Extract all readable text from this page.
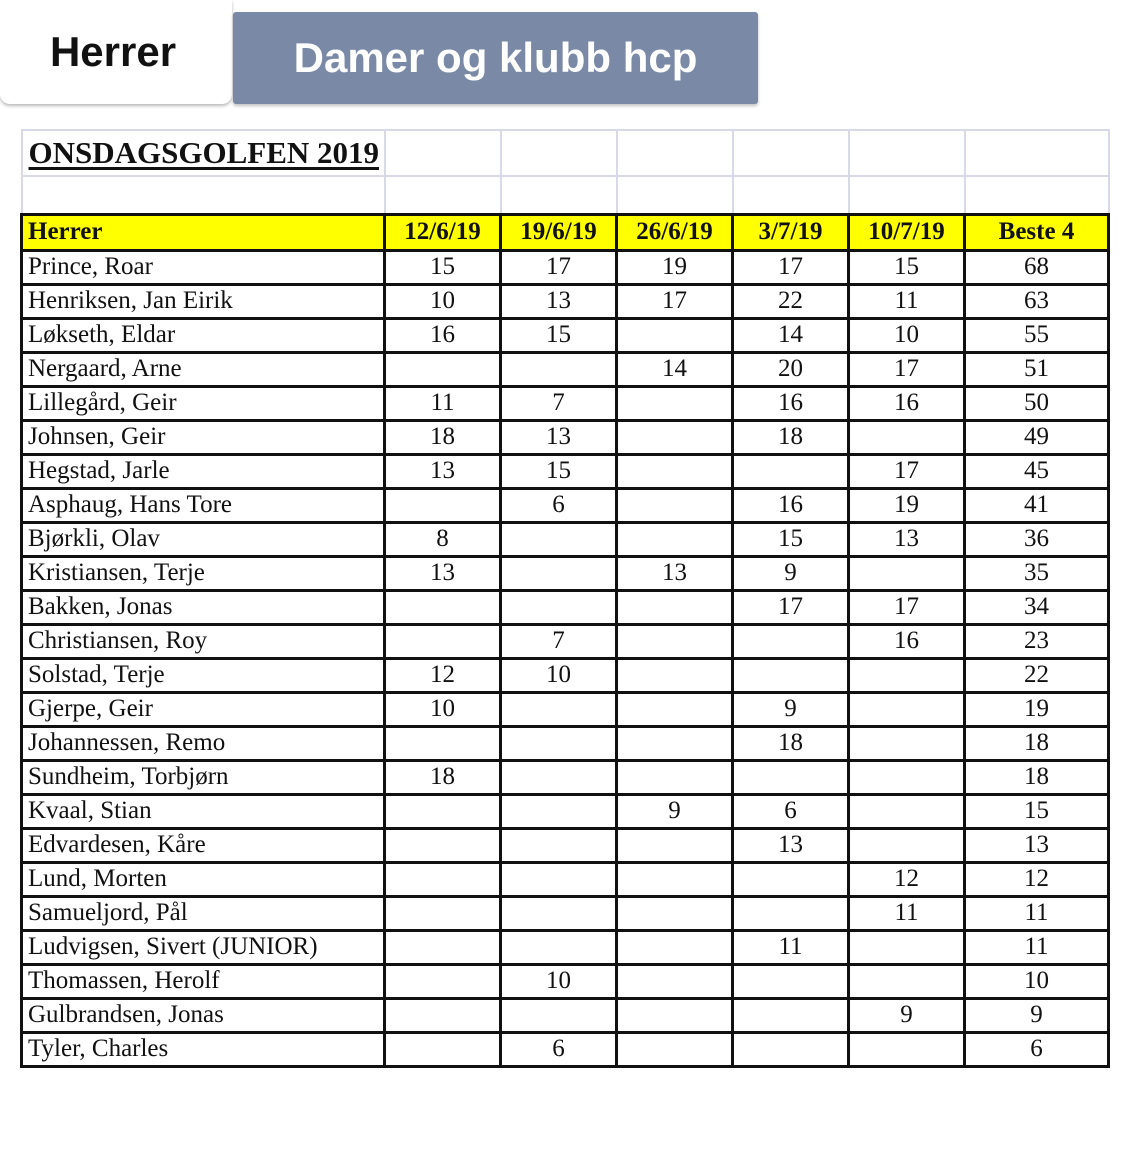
Herrer	Damer og klubb hcp
ONSDAGSGOLFEN 2019						

Herrer	12/6/19	19/6/19	26/6/19	3/7/19	10/7/19	Beste 4
Prince, Roar	15	17	19	17	15	68
Henriksen, Jan Eirik	10	13	17	22	11	63
Løkseth, Eldar	16	15		14	10	55
Nergaard, Arne			14	20	17	51
Lillegård, Geir	11	7		16	16	50
Johnsen, Geir	18	13		18		49
Hegstad, Jarle	13	15			17	45
Asphaug, Hans Tore		6		16	19	41
Bjørkli, Olav	8			15	13	36
Kristiansen, Terje	13		13	9		35
Bakken, Jonas				17	17	34
Christiansen, Roy		7			16	23
Solstad, Terje	12	10				22
Gjerpe, Geir	10			9		19
Johannessen, Remo				18		18
Sundheim, Torbjørn	18					18
Kvaal, Stian			9	6		15
Edvardesen, Kåre				13		13
Lund, Morten					12	12
Samueljord, Pål					11	11
Ludvigsen, Sivert (JUNIOR)				11		11
Thomassen, Herolf		10				10
Gulbrandsen, Jonas					9	9
Tyler, Charles		6				6
